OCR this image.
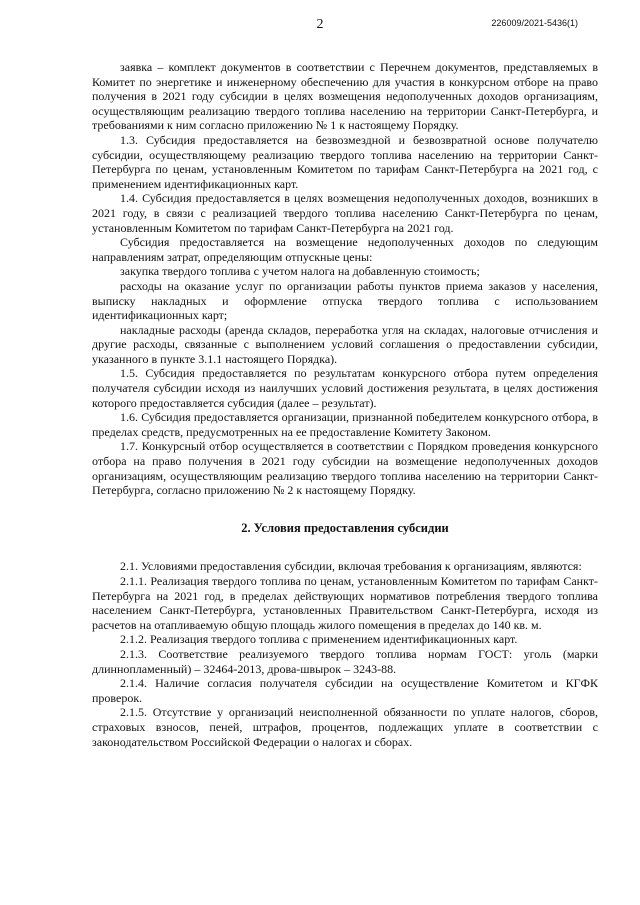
2	226009/2021-5436(1)

заявка – комплект документов в соответствии с Перечнем документов, представляемых в Комитет по энергетике и инженерному обеспечению для участия в конкурсном отборе на право получения в 2021 году субсидии в целях возмещения недополученных доходов организациям, осуществляющим реализацию твердого топлива населению на территории Санкт-Петербурга, и требованиями к ним согласно приложению № 1 к настоящему Порядку.

1.3. Субсидия предоставляется на безвозмездной и безвозвратной основе получателю субсидии, осуществляющему реализацию твердого топлива населению на территории Санкт-Петербурга по ценам, установленным Комитетом по тарифам Санкт-Петербурга на 2021 год, с применением идентификационных карт.

1.4. Субсидия предоставляется в целях возмещения недополученных доходов, возникших в 2021 году, в связи с реализацией твердого топлива населению Санкт-Петербурга по ценам, установленным Комитетом по тарифам Санкт-Петербурга на 2021 год.

Субсидия предоставляется на возмещение недополученных доходов по следующим направлениям затрат, определяющим отпускные цены:

закупка твердого топлива с учетом налога на добавленную стоимость;

расходы на оказание услуг по организации работы пунктов приема заказов у населения, выписку накладных и оформление отпуска твердого топлива с использованием идентификационных карт;

накладные расходы (аренда складов, переработка угля на складах, налоговые отчисления и другие расходы, связанные с выполнением условий соглашения о предоставлении субсидии, указанного в пункте 3.1.1 настоящего Порядка).

1.5. Субсидия предоставляется по результатам конкурсного отбора путем определения получателя субсидии исходя из наилучших условий достижения результата, в целях достижения которого предоставляется субсидия (далее – результат).

1.6. Субсидия предоставляется организации, признанной победителем конкурсного отбора, в пределах средств, предусмотренных на ее предоставление Комитету Законом.

1.7. Конкурсный отбор осуществляется в соответствии с Порядком проведения конкурсного отбора на право получения в 2021 году субсидии на возмещение недополученных доходов организациям, осуществляющим реализацию твердого топлива населению на территории Санкт-Петербурга, согласно приложению № 2 к настоящему Порядку.

2. Условия предоставления субсидии

2.1. Условиями предоставления субсидии, включая требования к организациям, являются:

2.1.1. Реализация твердого топлива по ценам, установленным Комитетом по тарифам Санкт-Петербурга на 2021 год, в пределах действующих нормативов потребления твердого топлива населением Санкт-Петербурга, установленных Правительством Санкт-Петербурга, исходя из расчетов на отапливаемую общую площадь жилого помещения в пределах до 140 кв. м.

2.1.2. Реализация твердого топлива с применением идентификационных карт.

2.1.3. Соответствие реализуемого твердого топлива нормам ГОСТ: уголь (марки длиннопламенный) – 32464-2013, дрова-швырок – 3243-88.

2.1.4. Наличие согласия получателя субсидии на осуществление Комитетом и КГФК проверок.

2.1.5. Отсутствие у организаций неисполненной обязанности по уплате налогов, сборов, страховых взносов, пеней, штрафов, процентов, подлежащих уплате в соответствии с законодательством Российской Федерации о налогах и сборах.
